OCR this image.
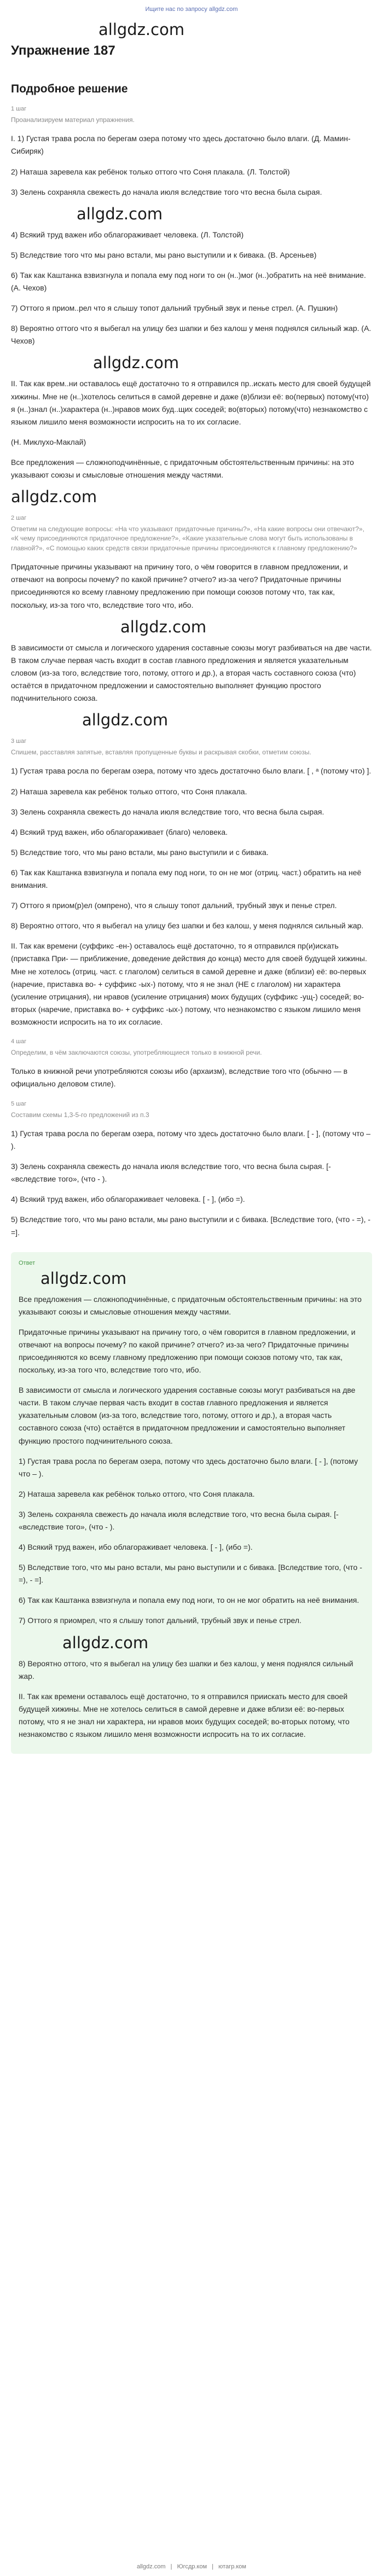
Ищите нас по запросу allgdz.com
allgdz.com
Упражнение 187
Подробное решение
1 шаг
Проанализируем материал упражнения.

I. 1) Густая трава росла по берегам озера потому что здесь достаточно было влаги. (Д. Мамин-Сибиряк)

2) Наташа заревела как ребёнок только оттого что Соня плакала. (Л. Толстой)

3) Зелень сохраняла свежесть до начала июля вследствие того что весна была сырая.

allgdz.com

4) Всякий труд важен ибо облагораживает человека. (Л. Толстой)

5) Вследствие того что мы рано встали, мы рано выступили и к бивака. (В. Арсеньев)

6) Так как Каштанка взвизгнула и попала ему под ноги то он (н..)мог (н..)обратить на неё внимание. (А. Чехов)

7) Оттого я приом..рел что я слышу топот дальний трубный звук и пенье стрел. (А. Пушкин)

8) Вероятно оттого что я выбегал на улицу без шапки и без калош у меня поднялся сильный жар. (А. Чехов)

allgdz.com

II. Так как врем..ни оставалось ещё достаточно то я отправился пр..искать место для своей будущей хижины. Мне не (н..)хотелось селиться в самой деревне и даже (в)близи её: во(первых) потому(что) я (н..)знал (н..)характера (н..)нравов моих буд..щих соседей; во(вторых) потому(что) незнакомство с языком лишило меня возможности испросить на то их согласие.

(Н. Миклухо-Маклай)

Все предложения — сложноподчинённые, с придаточным обстоятельственным причины: на это указывают союзы и смысловые отношения между частями.

allgdz.com
2 шаг
Ответим на следующие вопросы: «На что указывают придаточные причины?», «На какие вопросы они отвечают?», «К чему присоединяются придаточное предложение?», «Какие указательные слова могут быть использованы в главной?», «С помощью каких средств связи придаточные причины присоединяются к главному предложению?»

Придаточные причины указывают на причину того, о чём говорится в главном предложении, и отвечают на вопросы почему? по какой причине? отчего? из-за чего? Придаточные причины присоединяются ко всему главному предложению при помощи союзов потому что, так как, поскольку, из-за того что, вследствие того что, ибо.

allgdz.com

В зависимости от смысла и логического ударения составные союзы могут разбиваться на две части. В таком случае первая часть входит в состав главного предложения и является указательным словом (из-за того, вследствие того, потому, оттого и др.), а вторая часть составного союза (что) остаётся в придаточном предложении и самостоятельно выполняет функцию простого подчинительного союза.

allgdz.com
3 шаг
Спишем, расставляя запятые, вставляя пропущенные буквы и раскрывая скобки, отметим союзы.

1) Густая трава росла по берегам озера, потому что здесь достаточно было влаги. [ , ᵃ (потому что) ].

2) Наташа заревела как ребёнок только оттого, что Соня плакала.

3) Зелень сохраняла свежесть до начала июля вследствие того, что весна была сырая.

4) Всякий труд важен, ибо облагораживает (благо) человека.

5) Вследствие того, что мы рано встали, мы рано выступили и с бивака.

6) Так как Каштанка взвизгнула и попала ему под ноги, то он не мог (отриц. част.) обратить на неё внимания.

7) Оттого я приом(р)ел (омпрено), что я слышу топот дальний, трубный звук и пенье стрел.

8) Вероятно оттого, что я выбегал на улицу без шапки и без калош, у меня поднялся сильный жар.

II. Так как времени (суффикс -ен-) оставалось ещё достаточно, то я отправился пр(и)искать (приставка При- — приближение, доведение действия до конца) место для своей будущей хижины. Мне не хотелось (отриц. част. с глаголом) селиться в самой деревне и даже (вблизи) её: во-первых (наречие, приставка во- + суффикс -ых-) потому, что я не знал (НЕ с глаголом) ни характера (усиление отрицания), ни нравов (усиление отрицания) моих будущих (суффикс -ущ-) соседей; во-вторых (наречие, приставка во- + суффикс -ых-) потому, что незнакомство с языком лишило меня возможности испросить на то их согласие.

4 шаг
Определим, в чём заключаются союзы, употребляющиеся только в книжной речи.

Только в книжной речи употребляются союзы ибо (архаизм), вследствие того что (обычно — в официально деловом стиле).

5 шаг
Составим схемы 1,3-5-го предложений из п.3

1) Густая трава росла по берегам озера, потому что здесь достаточно было влаги. [ - ], (потому что – ).

3) Зелень сохраняла свежесть до начала июля вследствие того, что весна была сырая. [- «вследствие того», (что - ).

4) Всякий труд важен, ибо облагораживает человека. [ - ], (ибо =).

5) Вследствие того, что мы рано встали, мы рано выступили и с бивака. [Вследствие того, (что - =), - =].

Ответ
allgdz.com

Все предложения — сложноподчинённые, с придаточным обстоятельственным причины: на это указывают союзы и смысловые отношения между частями.

Придаточные причины указывают на причину того, о чём говорится в главном предложении, и отвечают на вопросы почему? по какой причине? отчего? из-за чего? Придаточные причины присоединяются ко всему главному предложению при помощи союзов потому что, так как, поскольку, из-за того что, вследствие того что, ибо.

В зависимости от смысла и логического ударения составные союзы могут разбиваться на две части. В таком случае первая часть входит в состав главного предложения и является указательным словом (из-за того, вследствие того, потому, оттого и др.), а вторая часть составного союза (что) остаётся в придаточном предложении и самостоятельно выполняет функцию простого подчинительного союза.

1) Густая трава росла по берегам озера, потому что здесь достаточно было влаги. [ - ], (потому что – ).

2) Наташа заревела как ребёнок только оттого, что Соня плакала.

3) Зелень сохраняла свежесть до начала июля вследствие того, что весна была сырая. [- «вследствие того», (что - ).

4) Всякий труд важен, ибо облагораживает человека. [ - ], (ибо =).

5) Вследствие того, что мы рано встали, мы рано выступили и с бивака. [Вследствие того, (что - =), - =].

6) Так как Каштанка взвизгнула и попала ему под ноги, то он не мог обратить на неё внимания.

7) Оттого я приомрел, что я слышу топот дальний, трубный звук и пенье стрел.

allgdz.com

8) Вероятно оттого, что я выбегал на улицу без шапки и без калош, у меня поднялся сильный жар.

II. Так как времени оставалось ещё достаточно, то я отправился приискать место для своей будущей хижины. Мне не хотелось селиться в самой деревне и даже вблизи её: во-первых потому, что я не знал ни характера, ни нравов моих будущих соседей; во-вторых потому, что незнакомство с языком лишило меня возможности испросить на то их согласие.

allgdz.com | Югсдр.ком | ютагр.ком
